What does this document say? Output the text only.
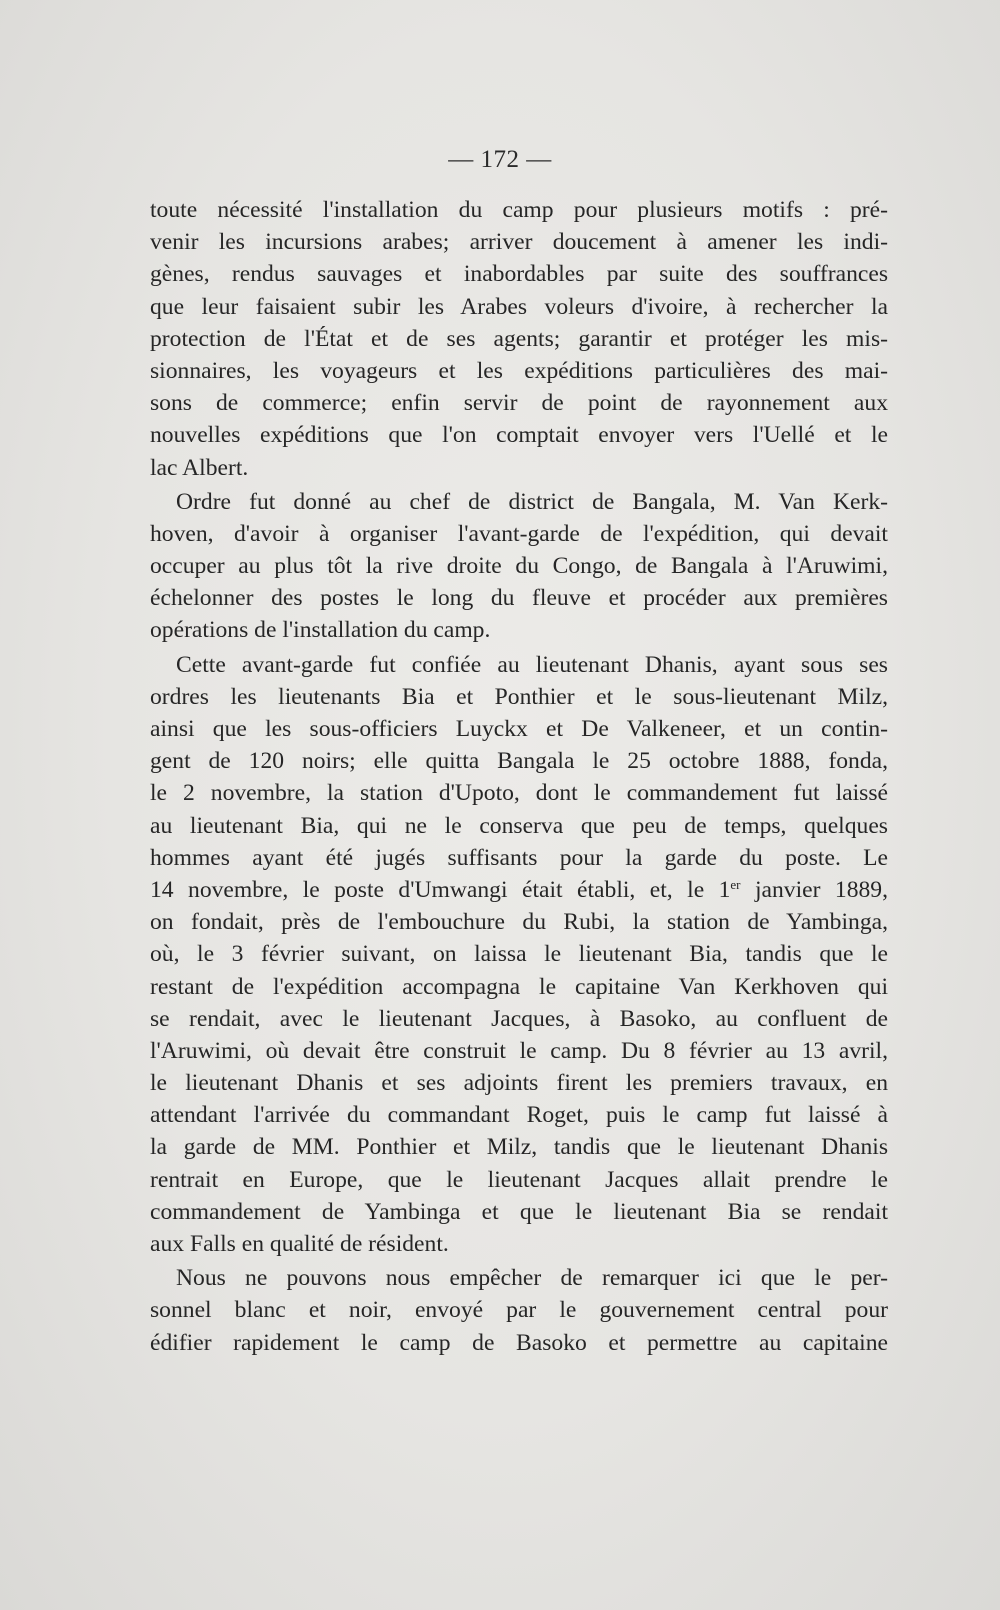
— 172 —
toute nécessité l'installation du camp pour plusieurs motifs : pré-
venir les incursions arabes; arriver doucement à amener les indi-
gènes, rendus sauvages et inabordables par suite des souffrances
que leur faisaient subir les Arabes voleurs d'ivoire, à rechercher la
protection de l'État et de ses agents; garantir et protéger les mis-
sionnaires, les voyageurs et les expéditions particulières des mai-
sons de commerce; enfin servir de point de rayonnement aux
nouvelles expéditions que l'on comptait envoyer vers l'Uellé et le
lac Albert.
Ordre fut donné au chef de district de Bangala, M. Van Kerk-
hoven, d'avoir à organiser l'avant-garde de l'expédition, qui devait
occuper au plus tôt la rive droite du Congo, de Bangala à l'Aruwimi,
échelonner des postes le long du fleuve et procéder aux premières
opérations de l'installation du camp.
Cette avant-garde fut confiée au lieutenant Dhanis, ayant sous ses
ordres les lieutenants Bia et Ponthier et le sous-lieutenant Milz,
ainsi que les sous-officiers Luyckx et De Valkeneer, et un contin-
gent de 120 noirs; elle quitta Bangala le 25 octobre 1888, fonda,
le 2 novembre, la station d'Upoto, dont le commandement fut laissé
au lieutenant Bia, qui ne le conserva que peu de temps, quelques
hommes ayant été jugés suffisants pour la garde du poste. Le
14 novembre, le poste d'Umwangi était établi, et, le 1er janvier 1889,
on fondait, près de l'embouchure du Rubi, la station de Yambinga,
où, le 3 février suivant, on laissa le lieutenant Bia, tandis que le
restant de l'expédition accompagna le capitaine Van Kerkhoven qui
se rendait, avec le lieutenant Jacques, à Basoko, au confluent de
l'Aruwimi, où devait être construit le camp. Du 8 février au 13 avril,
le lieutenant Dhanis et ses adjoints firent les premiers travaux, en
attendant l'arrivée du commandant Roget, puis le camp fut laissé à
la garde de MM. Ponthier et Milz, tandis que le lieutenant Dhanis
rentrait en Europe, que le lieutenant Jacques allait prendre le
commandement de Yambinga et que le lieutenant Bia se rendait
aux Falls en qualité de résident.
Nous ne pouvons nous empêcher de remarquer ici que le per-
sonnel blanc et noir, envoyé par le gouvernement central pour
édifier rapidement le camp de Basoko et permettre au capitaine
